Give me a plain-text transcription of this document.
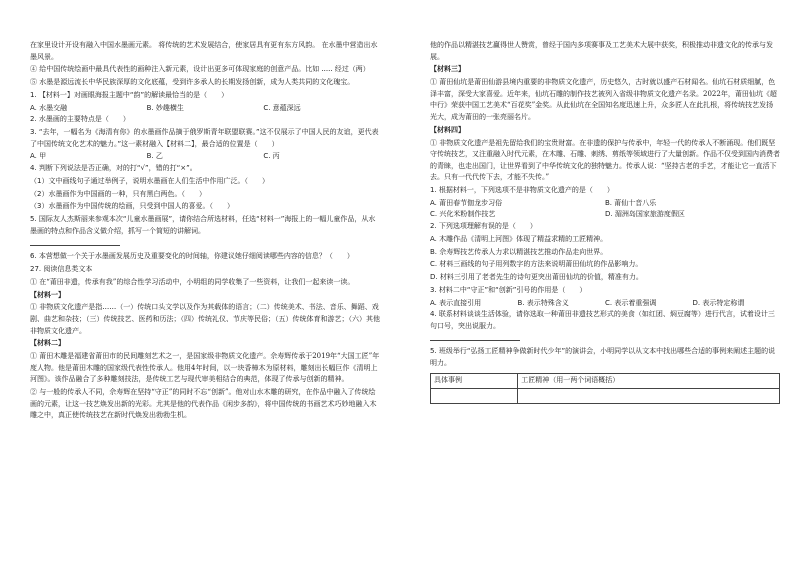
在家里设计开设有融入中国水墨画元素。 将传统的艺术发展结合，使家居具有更有东方风韵。 在水墨中营造出水墨风景。
④ 给中国传统绘画中最具代表性的画种注入新元素，设计出更多可体现家庭的创意产品。比如 ..... 经过（两）
⑤ 水墨是源远流长中华民族深厚的文化底蕴，受到许多承人的长期发扬创新，成为人类共同的文化瑰宝。
1. 【材料一】对画眼海报主题中“韵”的解读最恰当的是（　　）
A. 水墨交融	B. 妙趣横生	C. 意蕴深远
2. 水墨画的主要特点是（　　）
3. “去年，一幅名为《海清有你》的水墨画作品摘于俄罗斯青年联盟联赛。”这不仅展示了中国人民的友谊，更代表了中国传统文化艺术的魅力。”这一素材融入【材料二】，最合适的位置是（　　）
A. 甲	B. 乙	C. 丙
4. 判断下列说法是否正确，对的打“√”，错的打“×”。
（1）文中画线句子通过举例子，说明水墨画在人们生活中作用广泛。（　　）
（2）水墨画作为中国画的一种，只有黑白两色。（　　）
（3）水墨画作为中国传统的绘画，只受到中国人的喜爱。（　　）
5. 国际友人杰斯丽来参观本次“儿童水墨画展”，请你结合所选材料，任选“材料一”海报上的一幅儿童作品，从水墨画的特点和作品含义做介绍，抓写一个简短的讲解词。
6. 本营想做一个关于水墨画发展历史及重要变化的时间轴，你建议她仔细阅读哪些内容的信息？（　　）
27. 阅读信息类文本
① 在“莆田非遗，传承有我”的综合性学习活动中，小明组的同学收集了一些资料，让我们一起来读一读。
【材料一】
① 非物质文化遗产是指……（一）传统口头文学以及作为其载体的语言；（二）传统美术、书法、音乐、舞蹈、戏剧、曲艺和杂技；（三）传统技艺、医药和历法；（四）传统礼仪、节庆等民俗；（五）传统体育和游艺；（六）其他非物质文化遗产。
【材料二】
① 莆田木雕是福建省莆田市的民间雕刻艺术之一，是国家级非物质文化遗产。佘寿辉传承于2019年“大国工匠”年度人物。他是莆田木雕的国家级代表性传承人。他用4年时间，以一块香樟木为原材料，雕刻出长幅巨作《清明上河图》。该作品融合了多种雕刻技法，是传统工艺与现代审美相结合的典范，体现了传承与创新的精神。
② 与一般的传承人不同，佘寿辉在坚持“守正”的同时不忘“创新”。他对山水木雕的研究，在作品中融入了传统绘画的元素，让这一技艺焕发出新的光彩。尤其是他的代表作品《闲步多韵》，将中国传统的书画艺术巧妙地融入木雕之中，真正使传统技艺在新时代焕发出勃勃生机。
他的作品以精湛技艺赢得世人赞赏，曾经于国内多项赛事及工艺美术大展中获奖，积极推动非遗文化的传承与发展。
【材料三】
① 莆田仙坑是莆田仙游县境内重要的非物质文化遗产，历史悠久，古时就以盛产石材闻名。仙坑石材质细腻，色泽丰富，深受大家喜爱。近年来，仙坑石雕的制作技艺被列入省级非物质文化遗产名录。2022年，莆田仙坑《超中行》荣获中国工艺美术“百花奖”金奖。从此仙坑在全国知名度迅速上升，众多匠人在此扎根，将传统技艺发扬光大，成为莆田的一张亮丽名片。
【材料四】
① 非物质文化遗产是祖先留给我们的宝贵财富。在非遗的保护与传承中，年轻一代的传承人不断涌现。他们既坚守传统技艺，又注重融入时代元素，在木雕、石雕、刺绣、剪纸等领域进行了大量创新。作品不仅受到国内消费者的青睐，也走出国门，让世界看到了中华传统文化的独特魅力。传承人说：“坚持古老的手艺，才能让它一直活下去。只有一代代传下去，才能不失传。”
1. 根据材料一，下列选项不是非物质文化遗产的是（　　）
A. 莆田春节伽龙步习俗	B. 莆仙十音八乐
C. 兴化米粉制作技艺	D. 湄洲岛国家旅游度假区
2. 下列选项理解有误的是（　　）
A. 木雕作品《清明上河图》体现了精益求精的工匠精神。
B. 佘寿辉技艺传承人力求以精湛技艺推动作品走向世界。
C. 材料三画线的句子用列数字的方法来说明莆田仙坑的作品影响力。
D. 材料三引用了老者先生的诗句更突出莆田仙坑的价值，精准有力。
3. 材料二中“守正”和“创新”引号的作用是（　　）
A. 表示直接引用	B. 表示特殊含义	C. 表示着重强调	D. 表示特定称谓
4. 联系材料谈谈生活体验，请你选取一种莆田非遗技艺形式的美食（如红团、焖豆腐等）进行代言，试着设计三句口号，突出说服力。
5. 班级举行“弘扬工匠精神争做新时代少年”的演讲会，小明同学以从文本中找出哪些合适的事例来阐述主题的说明力。
具体事例	工匠精神（用一两个词语概括）
